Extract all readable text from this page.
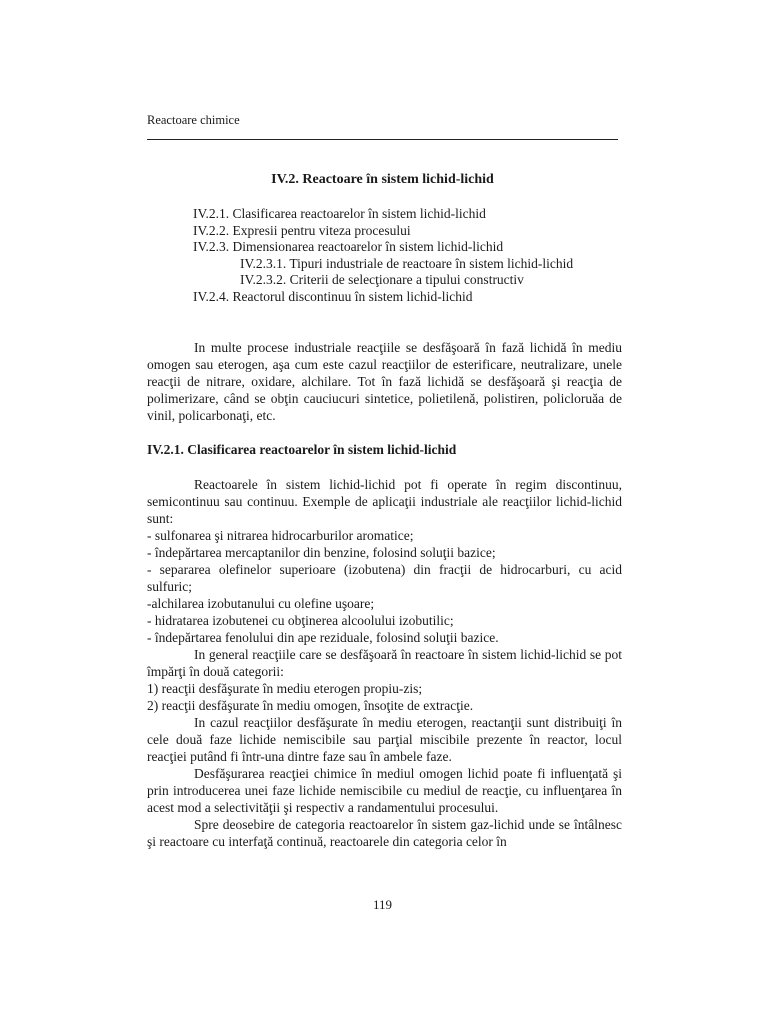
Reactoare chimice
IV.2. Reactoare în sistem lichid-lichid
IV.2.1. Clasificarea reactoarelor în sistem lichid-lichid
IV.2.2. Expresii pentru viteza procesului
IV.2.3. Dimensionarea reactoarelor în sistem lichid-lichid
IV.2.3.1. Tipuri industriale de reactoare în sistem lichid-lichid
IV.2.3.2. Criterii de selecţionare a tipului constructiv
IV.2.4. Reactorul discontinuu în sistem lichid-lichid

In multe procese industriale reacţiile se desfăşoară în fază lichidă în mediu omogen sau eterogen, aşa cum este cazul reacţiilor de esterificare, neutralizare, unele reacţii de nitrare, oxidare, alchilare. Tot în fază lichidă se desfăşoară şi reacţia de polimerizare, când se obţin cauciucuri sintetice, polietilenă, polistiren, policloruăa de vinil, policarbonaţi, etc.

IV.2.1. Clasificarea reactoarelor în sistem lichid-lichid

Reactoarele în sistem lichid-lichid pot fi operate în regim discontinuu, semicontinuu sau continuu. Exemple de aplicaţii industriale ale reacţiilor lichid-lichid sunt:

- sulfonarea şi nitrarea hidrocarburilor aromatice;

- îndepărtarea mercaptanilor din benzine, folosind soluţii bazice;

- separarea olefinelor superioare (izobutena) din fracţii de hidrocarburi, cu acid sulfuric;

-alchilarea izobutanului cu olefine uşoare;

- hidratarea izobutenei cu obţinerea alcoolului izobutilic;

- îndepărtarea fenolului din ape reziduale, folosind soluţii bazice.

In general reacţiile care se desfăşoară în reactoare în sistem lichid-lichid se pot împărţi în două categorii:

1) reacţii desfăşurate în mediu eterogen propiu-zis;

2) reacţii desfăşurate în mediu omogen, însoţite de extracţie.

In cazul reacţiilor desfăşurate în mediu eterogen, reactanţii sunt distribuiţi în cele două faze lichide nemiscibile sau parţial miscibile prezente în reactor, locul reacţiei putând fi într-una dintre faze sau în ambele faze.

Desfăşurarea reacţiei chimice în mediul omogen lichid poate fi influenţată şi prin introducerea unei faze lichide nemiscibile cu mediul de reacţie, cu influenţarea în acest mod a selectivităţii şi respectiv a randamentului procesului.

Spre deosebire de categoria reactoarelor în sistem gaz-lichid unde se întâlnesc şi reactoare cu interfaţă continuă, reactoarele din categoria celor în

119
